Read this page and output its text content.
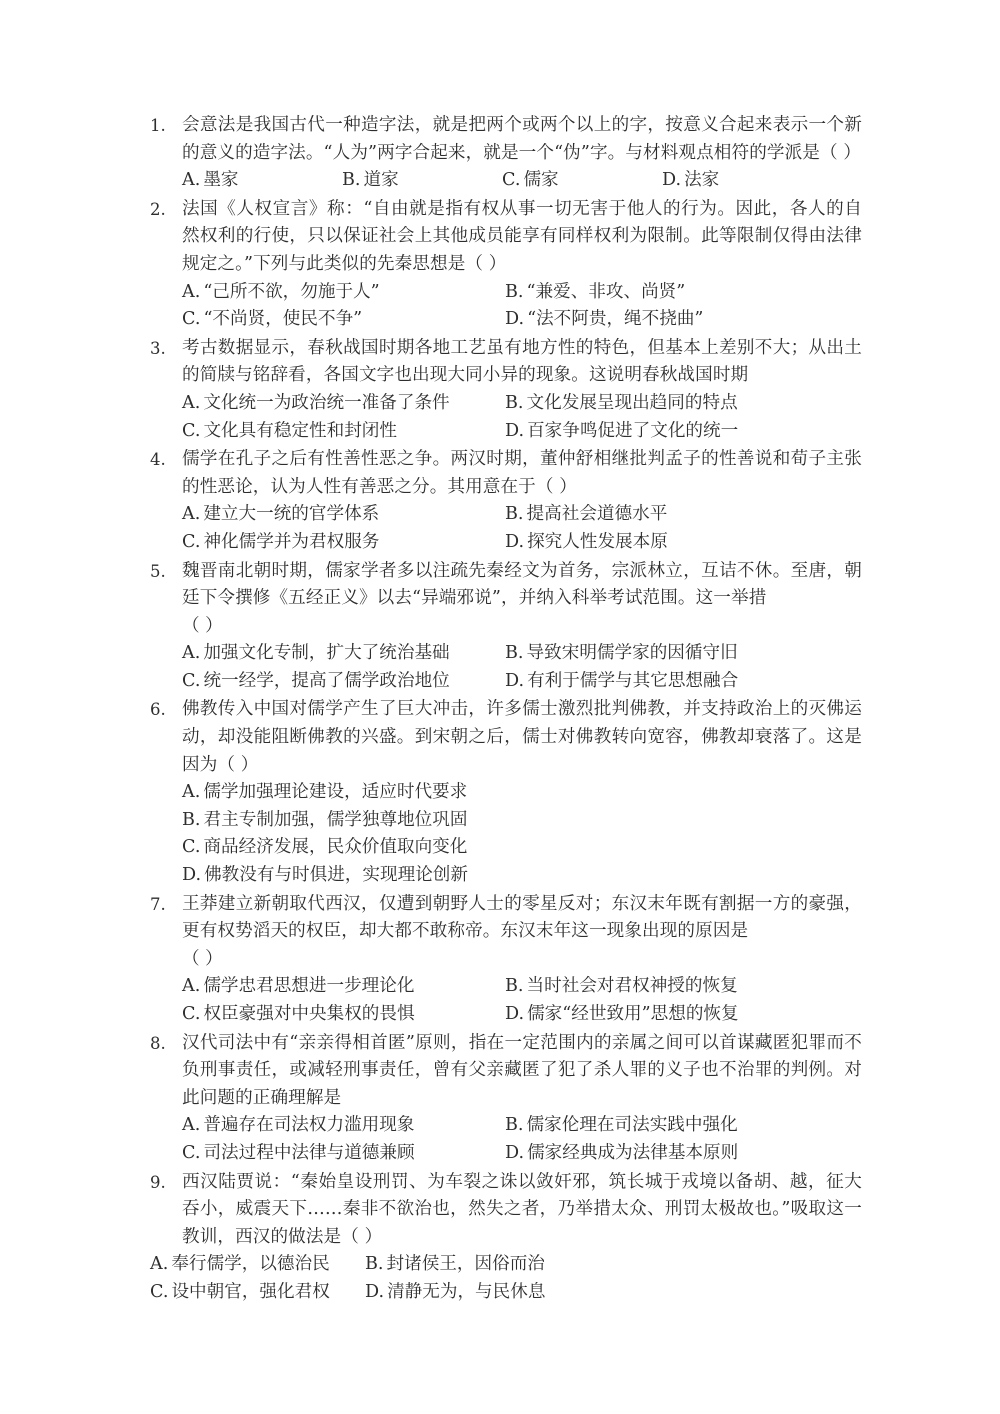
1. 会意法是我国古代一种造字法，就是把两个或两个以上的字，按意义合起来表示一个新的意义的造字法。“人为”两字合起来，就是一个“伪”字。与材料观点相符的学派是（ ）
A. 墨家	B. 道家	C. 儒家	D. 法家
2. 法国《人权宣言》称：“自由就是指有权从事一切无害于他人的行为。因此，各人的自然权利的行使，只以保证社会上其他成员能享有同样权利为限制。此等限制仅得由法律规定之。”下列与此类似的先秦思想是（ ）
A. “己所不欲，勿施于人”	B. “兼爱、非攻、尚贤”
C. “不尚贤，使民不争”	D. “法不阿贵，绳不挠曲”
3. 考古数据显示，春秋战国时期各地工艺虽有地方性的特色，但基本上差别不大；从出土的简牍与铭辞看，各国文字也出现大同小异的现象。这说明春秋战国时期
A. 文化统一为政治统一准备了条件	B. 文化发展呈现出趋同的特点
C. 文化具有稳定性和封闭性	D. 百家争鸣促进了文化的统一
4. 儒学在孔子之后有性善性恶之争。两汉时期，董仲舒相继批判孟子的性善说和荀子主张的性恶论，认为人性有善恶之分。其用意在于（ ）
A. 建立大一统的官学体系	B. 提高社会道德水平
C. 神化儒学并为君权服务	D. 探究人性发展本原
5. 魏晋南北朝时期，儒家学者多以注疏先秦经文为首务，宗派林立，互诘不休。至唐，朝廷下令撰修《五经正义》以去“异端邪说”，并纳入科举考试范围。这一举措
（ ）
A. 加强文化专制，扩大了统治基础	B. 导致宋明儒学家的因循守旧
C. 统一经学，提高了儒学政治地位	D. 有利于儒学与其它思想融合
6. 佛教传入中国对儒学产生了巨大冲击，许多儒士激烈批判佛教，并支持政治上的灭佛运动，却没能阻断佛教的兴盛。到宋朝之后，儒士对佛教转向宽容，佛教却衰落了。这是因为（ ）
A. 儒学加强理论建设，适应时代要求
B. 君主专制加强，儒学独尊地位巩固
C. 商品经济发展，民众价值取向变化
D. 佛教没有与时俱进，实现理论创新
7. 王莽建立新朝取代西汉，仅遭到朝野人士的零星反对；东汉末年既有割据一方的豪强，更有权势滔天的权臣，却大都不敢称帝。东汉末年这一现象出现的原因是
（ ）
A. 儒学忠君思想进一步理论化	B. 当时社会对君权神授的恢复
C. 权臣豪强对中央集权的畏惧	D. 儒家“经世致用”思想的恢复
8. 汉代司法中有“亲亲得相首匿”原则，指在一定范围内的亲属之间可以首谋藏匿犯罪而不负刑事责任，或减轻刑事责任，曾有父亲藏匿了犯了杀人罪的义子也不治罪的判例。对此问题的正确理解是
A. 普遍存在司法权力滥用现象	B. 儒家伦理在司法实践中强化
C. 司法过程中法律与道德兼顾	D. 儒家经典成为法律基本原则
9. 西汉陆贾说：“秦始皇设刑罚、为车裂之诛以敛奸邪，筑长城于戎境以备胡、越，征大吞小，威震天下……秦非不欲治也，然失之者，乃举措太众、刑罚太极故也。”吸取这一教训，西汉的做法是（ ）
A. 奉行儒学，以德治民 B. 封诸侯王，因俗而治
C. 设中朝官，强化君权 D. 清静无为，与民休息
